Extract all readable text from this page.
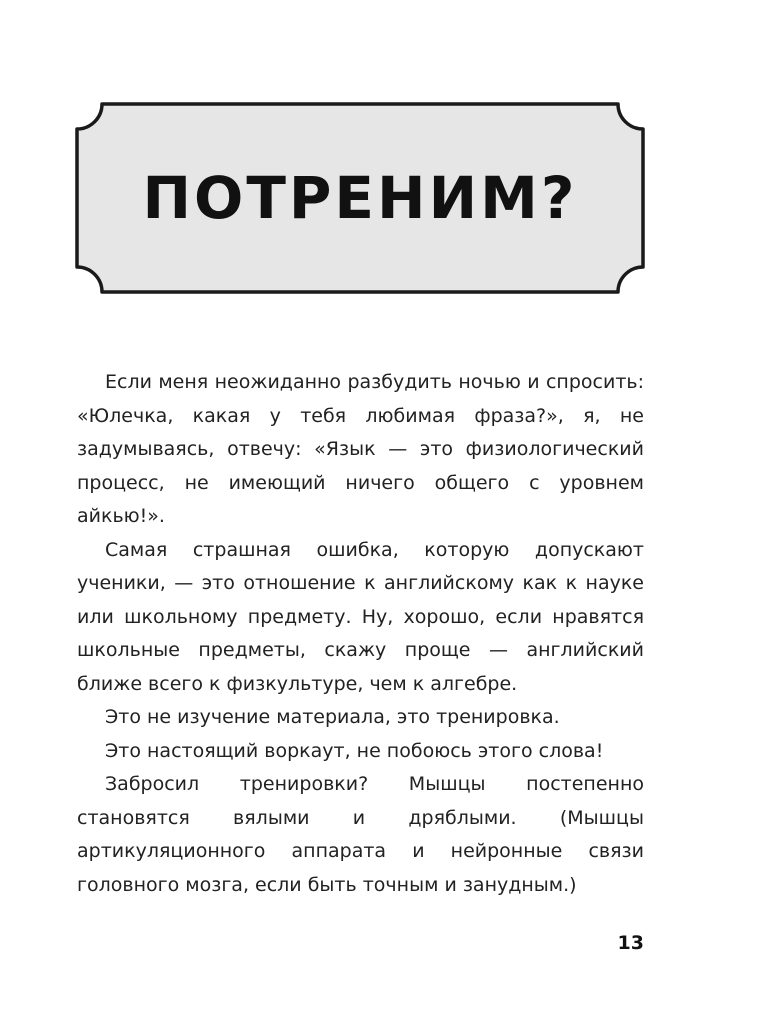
ПОТРЕНИМ?

Если меня неожиданно разбудить ночью и спросить: «Юлечка, какая у тебя любимая фраза?», я, не задумываясь, отвечу: «Язык — это физиологический процесс, не имеющий ничего общего с уровнем айкью!».

Самая страшная ошибка, которую допускают ученики, — это отношение к английскому как к науке или школьному предмету. Ну, хорошо, если нравятся школьные предметы, скажу проще — английский ближе всего к физкультуре, чем к алгебре.

Это не изучение материала, это тренировка.

Это настоящий воркаут, не побоюсь этого слова!

Забросил тренировки? Мышцы постепенно становятся вялыми и дряблыми. (Мышцы артикуляционного аппарата и нейронные связи головного мозга, если быть точным и занудным.)

13
